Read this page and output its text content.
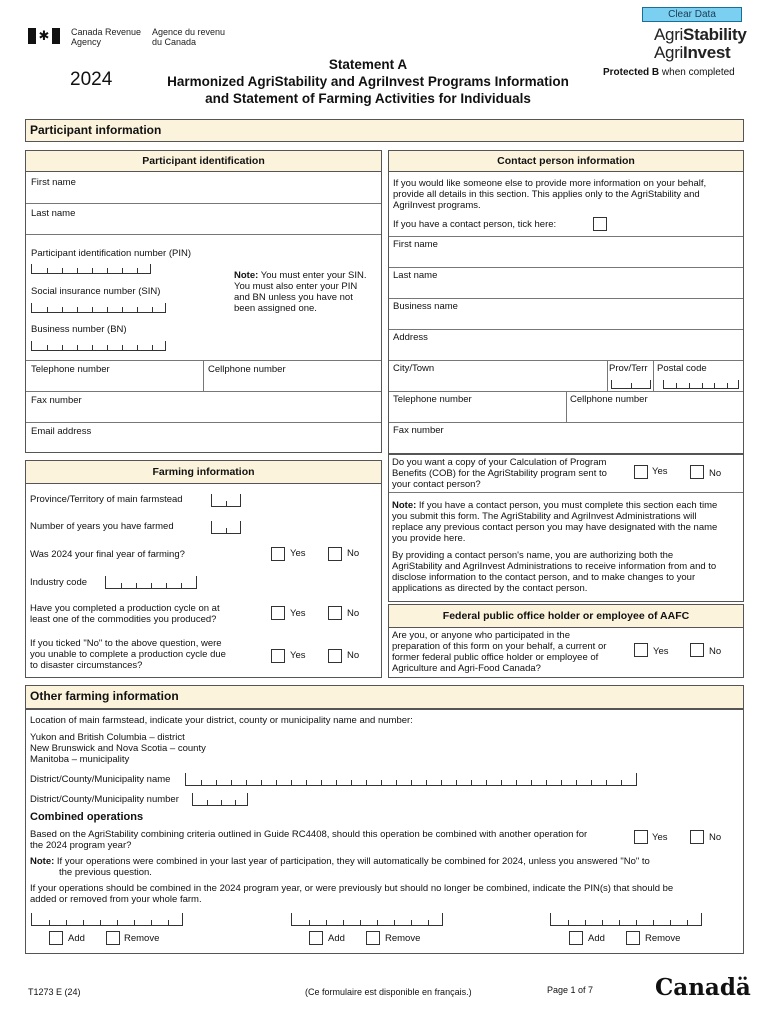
✱ Canada Revenue
Agency
Agence du revenu
du Canada
2024
Statement A
Harmonized AgriStability and AgriInvest Programs Information
and Statement of Farming Activities for Individuals
Clear Data
AgriStability
AgriInvest
Protected B when completed
Participant information
Participant identification
First name
Last name
Participant identification number (PIN)
Social insurance number (SIN)
Business number (BN)
Note: You must enter your SIN.
You must also enter your PIN
and BN unless you have not
been assigned one.
Telephone number	Cellphone number
Fax number
Email address
Contact person information
If you would like someone else to provide more information on your behalf,
provide all details in this section. This applies only to the AgriStability and
AgriInvest programs.
If you have a contact person, tick here:
First name
Last name
Business name
Address
City/Town	Prov/Terr Postal code
Telephone number	Cellphone number
Fax number
Do you want a copy of your Calculation of Program
Benefits (COB) for the AgriStability program sent to
your contact person?
Yes	No
Note: If you have a contact person, you must complete this section each time
you submit this form. The AgriStability and AgriInvest Administrations will
replace any previous contact person you may have designated with the name
you provide here.
By providing a contact person's name, you are authorizing both the
AgriStability and AgriInvest Administrations to receive information from and to
disclose information to the contact person, and to make changes to your
applications as directed by the contact person.
Federal public office holder or employee of AAFC
Are you, or anyone who participated in the
preparation of this form on your behalf, a current or
former federal public office holder or employee of
Agriculture and Agri-Food Canada?
Yes	No
Farming information
Province/Territory of main farmstead
Number of years you have farmed
Was 2024 your final year of farming?	Yes	No
Industry code
Have you completed a production cycle on at
least one of the commodities you produced?
Yes	No
If you ticked "No" to the above question, were
you unable to complete a production cycle due
to disaster circumstances?
Yes	No
Other farming information
Location of main farmstead, indicate your district, county or municipality name and number:
Yukon and British Columbia – district
New Brunswick and Nova Scotia – county
Manitoba – municipality
District/County/Municipality name
District/County/Municipality number
Combined operations
Based on the AgriStability combining criteria outlined in Guide RC4408, should this operation be combined with another operation for
the 2024 program year?
Yes	No
Note: If your operations were combined in your last year of participation, they will automatically be combined for 2024, unless you answered "No" to
the previous question.
If your operations should be combined in the 2024 program year, or were previously but should no longer be combined, indicate the PIN(s) that should be
added or removed from your whole farm.
Add	Remove	Add	Remove	Add	Remove
T1273 E (24)	(Ce formulaire est disponible en français.)	Page 1 of 7	Canadä
